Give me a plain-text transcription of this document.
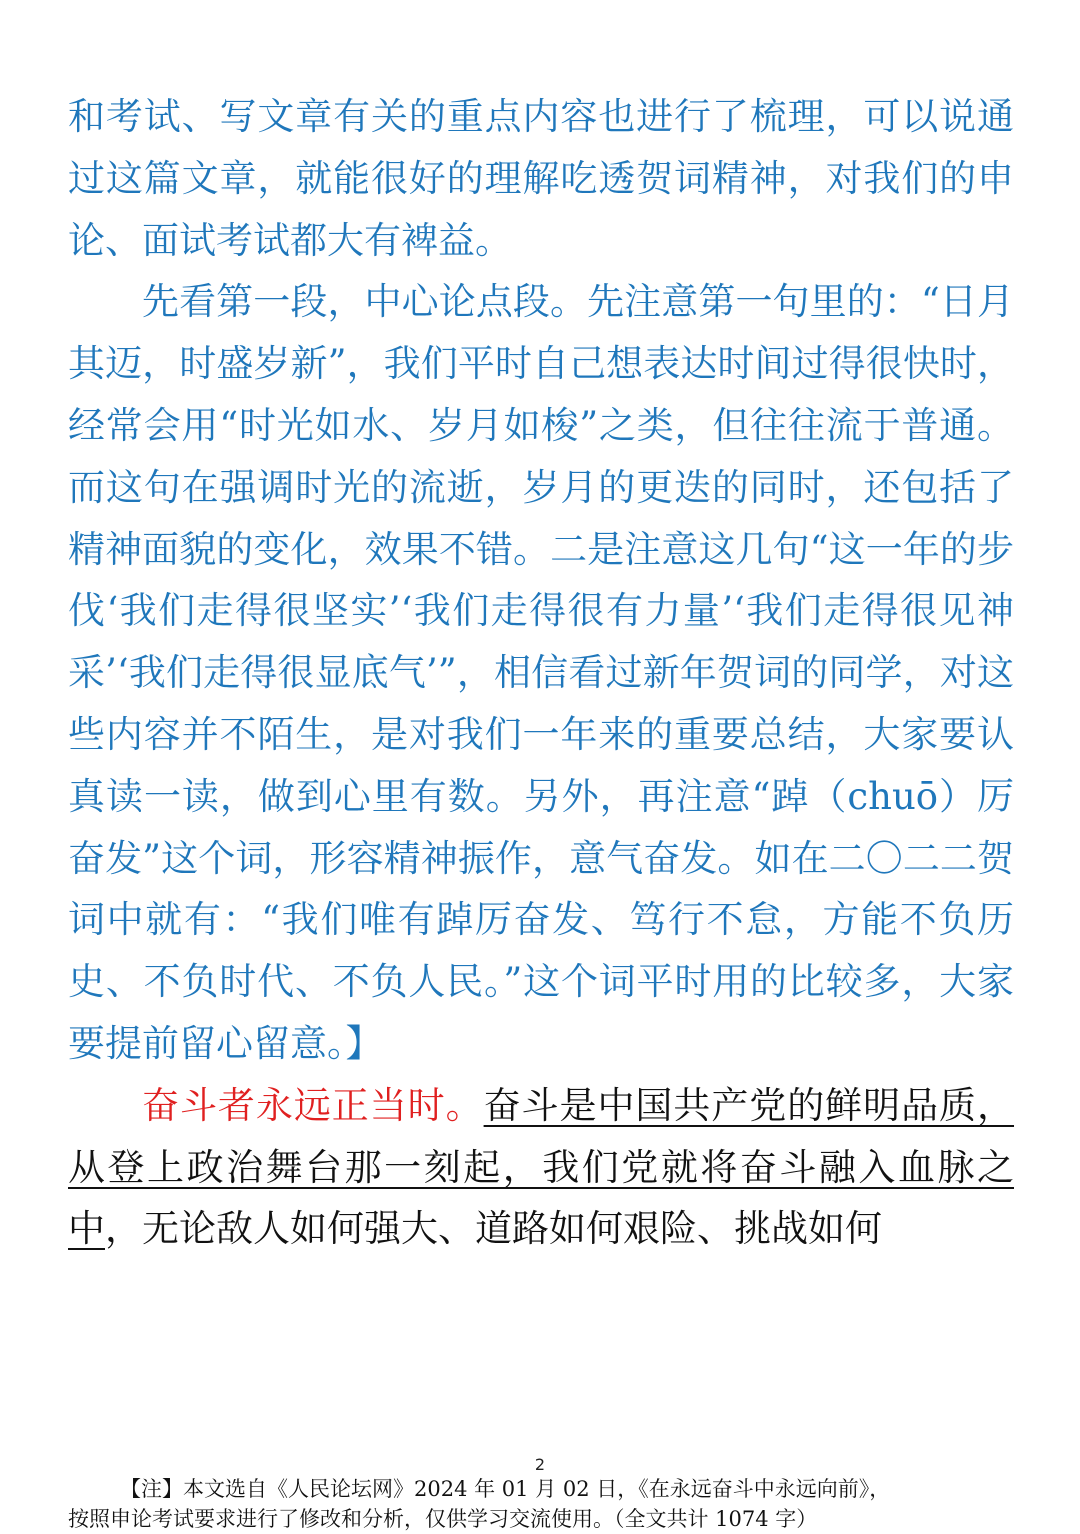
和考试、写文章有关的重点内容也进行了梳理，可以说通过这篇文章，就能很好的理解吃透贺词精神，对我们的申论、面试考试都大有裨益。

先看第一段，中心论点段。先注意第一句里的：“日月其迈，时盛岁新”，我们平时自己想表达时间过得很快时，经常会用“时光如水、岁月如梭”之类，但往往流于普通。而这句在强调时光的流逝，岁月的更迭的同时，还包括了精神面貌的变化，效果不错。二是注意这几句“这一年的步伐‘我们走得很坚实’‘我们走得很有力量’‘我们走得很见神采’‘我们走得很显底气’”，相信看过新年贺词的同学，对这些内容并不陌生，是对我们一年来的重要总结，大家要认真读一读，做到心里有数。另外，再注意“踔（chuō）厉奋发”这个词，形容精神振作，意气奋发。如在二〇二二贺词中就有：“我们唯有踔厉奋发、笃行不怠，方能不负历史、不负时代、不负人民。”这个词平时用的比较多，大家要提前留心留意。】

奋斗者永远正当时。奋斗是中国共产党的鲜明品质，从登上政治舞台那一刻起，我们党就将奋斗融入血脉之中，无论敌人如何强大、道路如何艰险、挑战如何

2
【注】本文选自《人民论坛网》2024 年 01 月 02 日，《在永远奋斗中永远向前》，
按照申论考试要求进行了修改和分析，仅供学习交流使用。（全文共计 1074 字）
